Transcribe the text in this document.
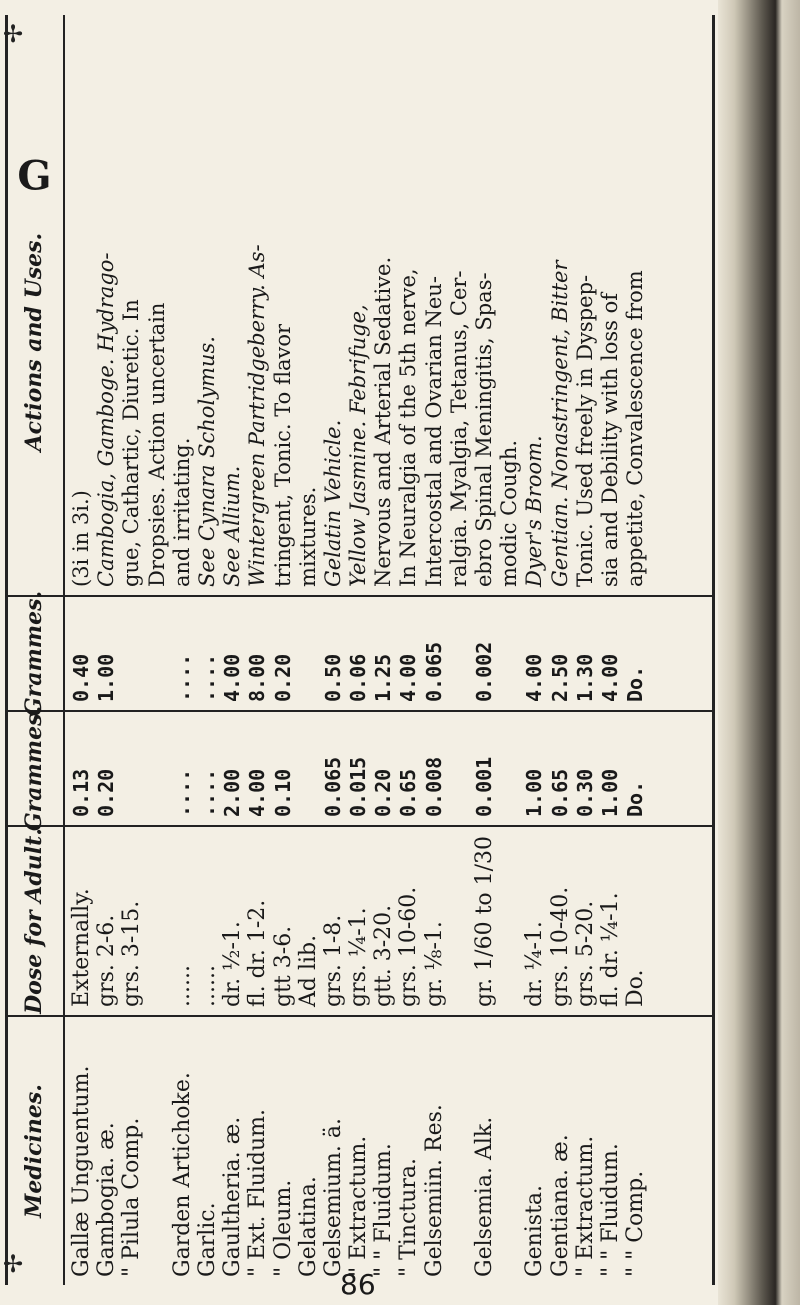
Medicines.
Dose for Adult.
Grammes.
Grammes.
Actions and Uses.
G
Gallæ Unguentum. Gambogia. æ. " Pilula Comp. Garden Artichoke. Garlic. Gaultheria. æ. " Ext. Fluidum. " Oleum. Gelatina. Gelsemium. ä. " Extractum. " " Fluidum. " Tinctura. Gelsemiin. Res. Gelsemia. Alk. Genista. Gentiana. æ. " Extractum. " " Fluidum. " " Comp.
Externally. grs. 2-6. grs. 3-15. ...... ...... dr. ½-1. fl. dr. 1-2. gtt 3-6. Ad lib. grs. 1-8. grs. ¼-1. gtt. 3-20. grs. 10-60. gr. ⅛-1. gr. 1/60 to 1/30 dr. ¼-1. grs. 10-40. grs. 5-20. fl. dr. ¼-1. Do.
0.13 0.20	.... .... 2.00 4.00 0.10 0.065 0.015 0.20 0.65 0.008 0.001 1.00 0.65 0.30 1.00 Do.
0.40 1.00	.... .... 4.00 8.00 0.20 0.50 0.06 1.25 4.00 0.065 0.002 4.00 2.50 1.30 4.00 Do.
(3i in 3i.) Cambogia, Gamboge. Hydrago- gue, Cathartic, Diuretic. In Dropsies. Action uncertain and irritating. See Cynara Scholymus. See Allium. Wintergreen Partridgeberry. As- tringent, Tonic. To flavor mixtures. Gelatin Vehicle. Yellow Jasmine. Febrifuge, Nervous and Arterial Sedative. In Neuralgia of the 5th nerve, Intercostal and Ovarian Neu- ralgia. Myalgia, Tetanus, Cer- ebro Spinal Meningitis, Spas- modic Cough. Dyer's Broom. Gentian. Nonastringent, Bitter Tonic. Used freely in Dyspep- sia and Debility with loss of appetite, Convalescence from
86
✢
✢
